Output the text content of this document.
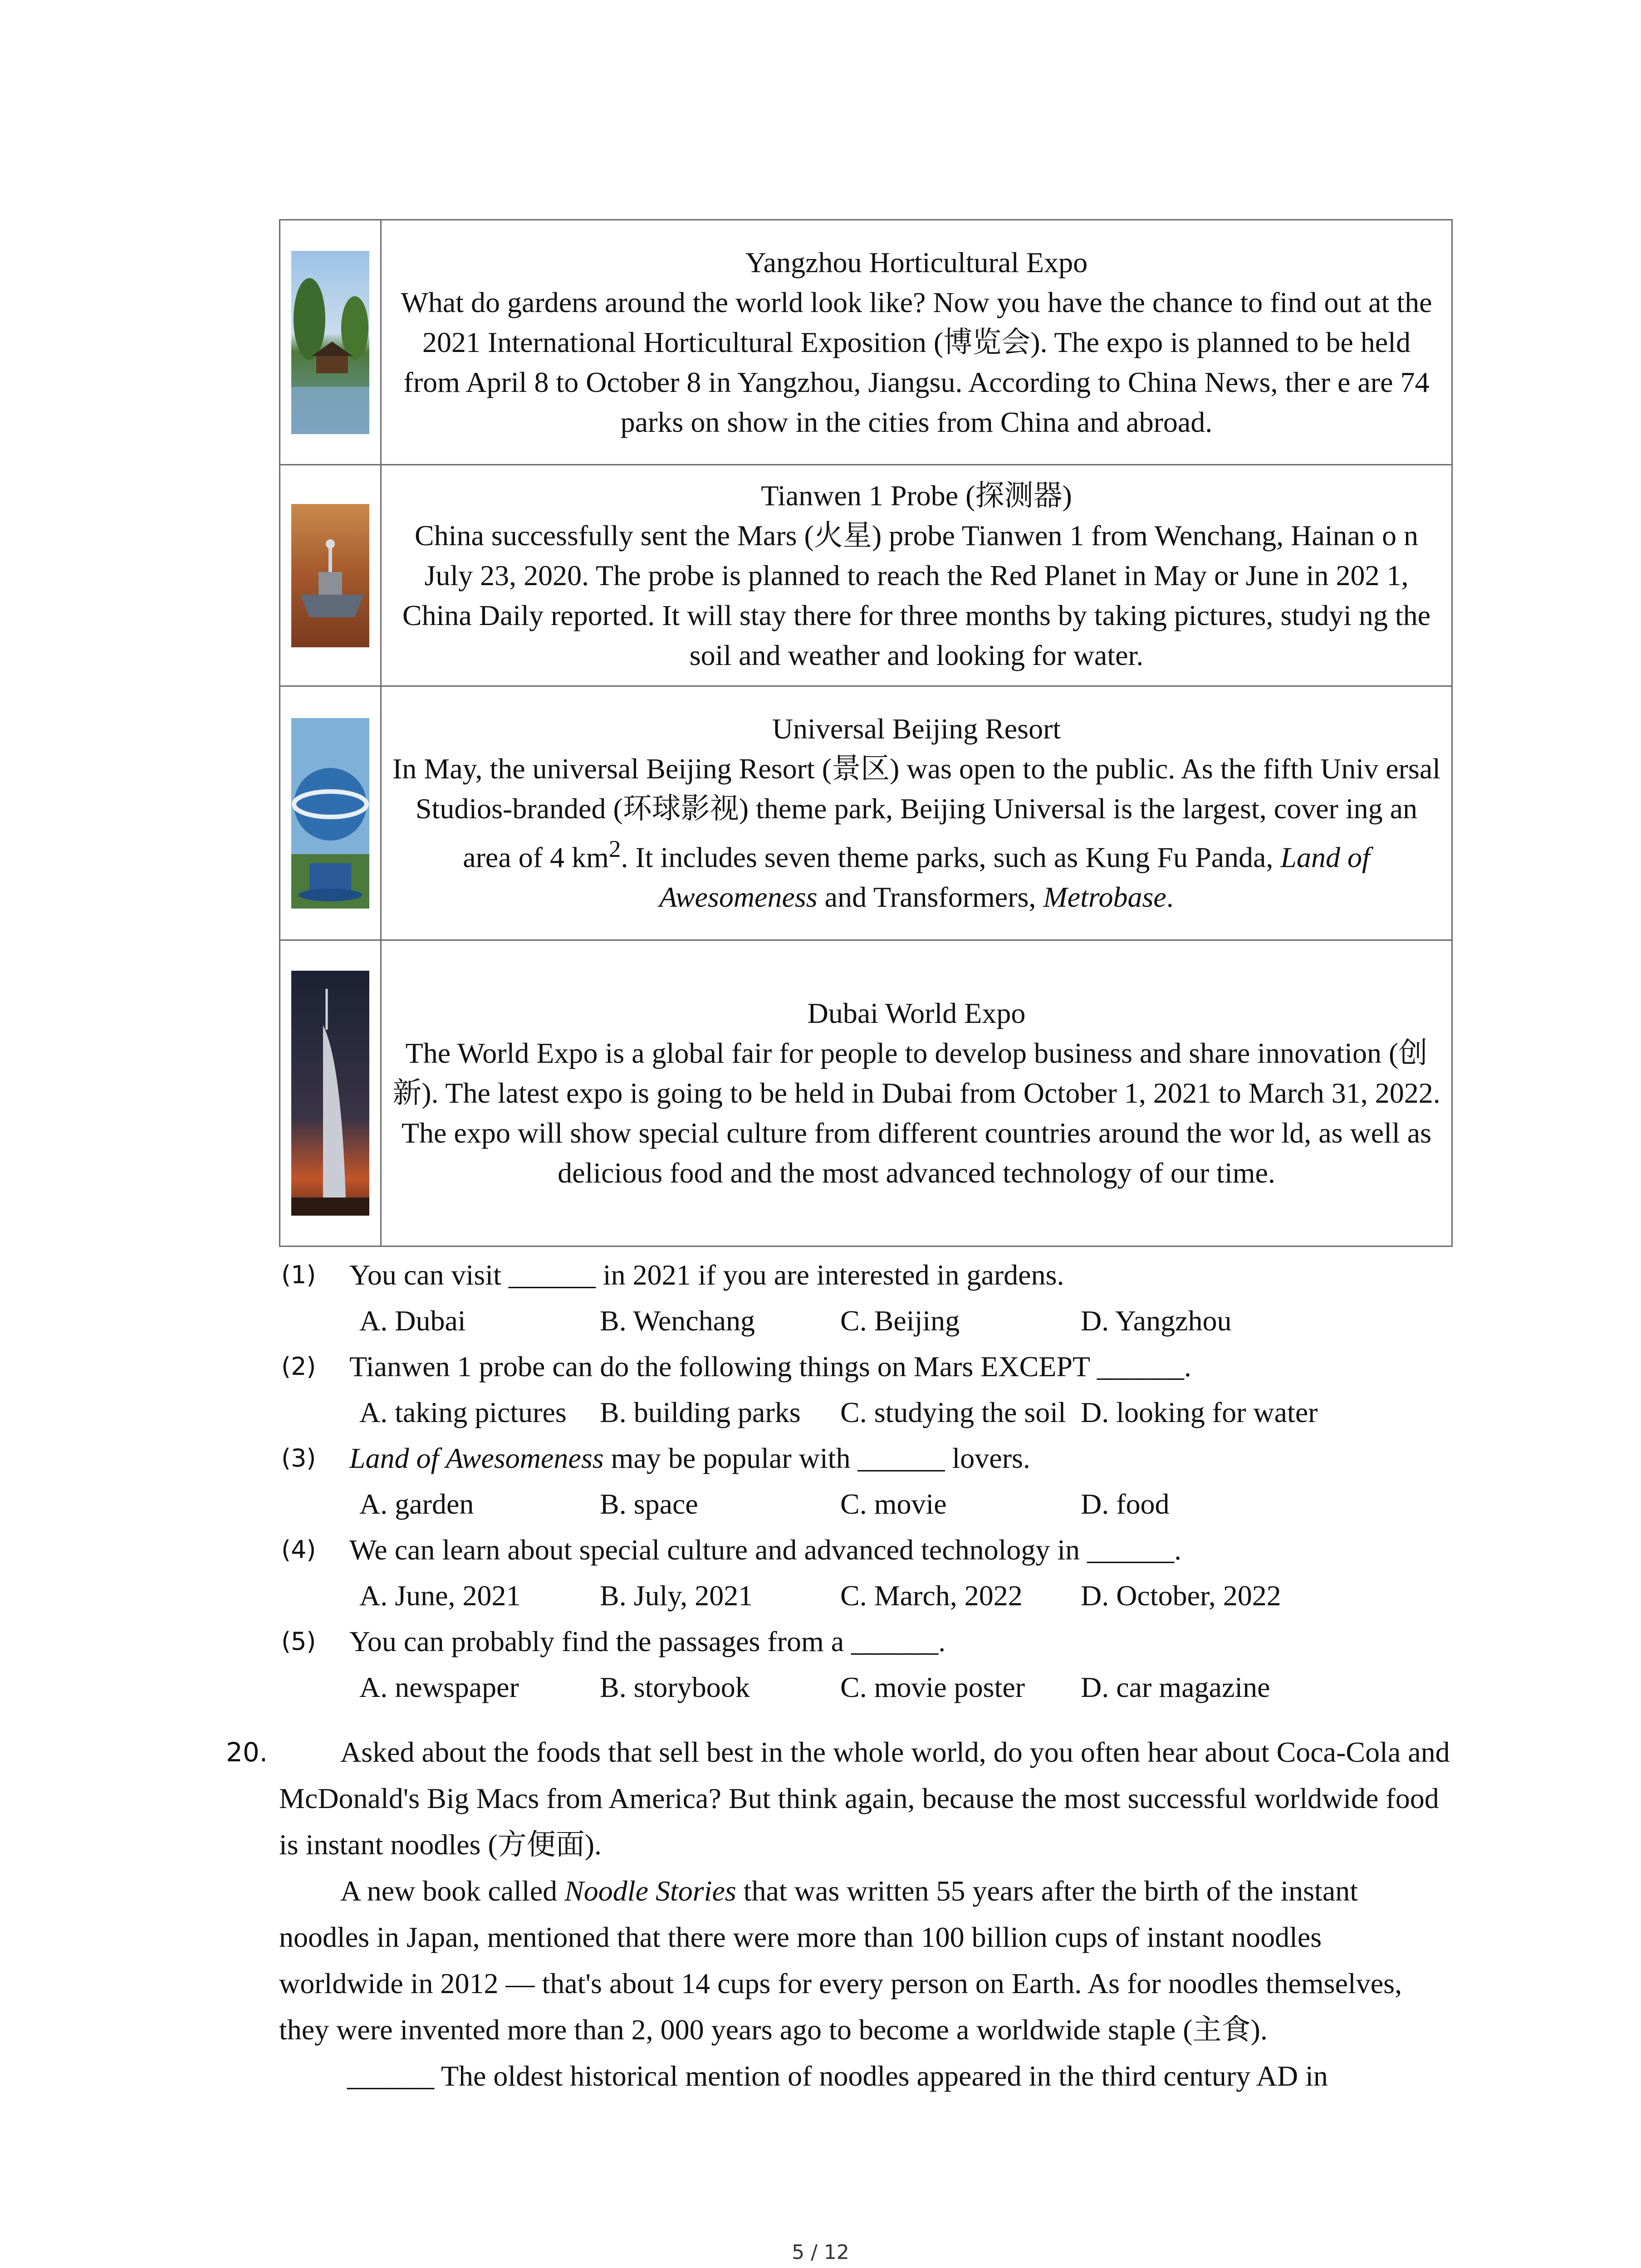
Yangzhou Horticultural Expo
What do gardens around the world look like? Now you have the chance to find out at the 2021 International Horticultural Exposition (博览会). The expo is planned to be held from April 8 to October 8 in Yangzhou, Jiangsu. According to China News, ther e are 74 parks on show in the cities from China and abroad.

Tianwen 1 Probe (探测器)
China successfully sent the Mars (火星) probe Tianwen 1 from Wenchang, Hainan o n July 23, 2020. The probe is planned to reach the Red Planet in May or June in 202 1, China Daily reported. It will stay there for three months by taking pictures, studyi ng the soil and weather and looking for water.

Universal Beijing Resort
In May, the universal Beijing Resort (景区) was open to the public. As the fifth Univ ersal Studios-branded (环球影视) theme park, Beijing Universal is the largest, cover ing an area of 4 $km^2$. It includes seven theme parks, such as Kung Fu Panda, Land of Awesomeness and Transformers, Metrobase.

Dubai World Expo
The World Expo is a global fair for people to develop business and share innovation (创新). The latest expo is going to be held in Dubai from October 1, 2021 to March 31, 2022. The expo will show special culture from different countries around the wor ld, as well as delicious food and the most advanced technology of our time.
(1) You can visit ______ in 2021 if you are interested in gardens.
A. Dubai	B. Wenchang	C. Beijing	D. Yangzhou
(2) Tianwen 1 probe can do the following things on Mars EXCEPT ______.
A. taking pictures B. building parks C. studying the soil D. looking for water
(3) Land of Awesomeness may be popular with ______ lovers.
A. garden	B. space	C. movie	D. food
(4) We can learn about special culture and advanced technology in ______.
A. June, 2021	B. July, 2021	C. March, 2022 D. October, 2022
(5) You can probably find the passages from a ______.
A. newspaper	B. storybook	C. movie poster D. car magazine
20.	Asked about the foods that sell best in the whole world, do you often hear about Coca-Cola and McDonald's Big Macs from America? But think again, because the most successful worldwide food is instant noodles (方便面).

A new book called Noodle Stories that was written 55 years after the birth of the instant noodles in Japan, mentioned that there were more than 100 billion cups of instant noodles worldwide in 2012 — that's about 14 cups for every person on Earth. As for noodles themselves, they were invented more than 2, 000 years ago to become a worldwide staple (主食).

______ The oldest historical mention of noodles appeared in the third century AD in

5 / 12
